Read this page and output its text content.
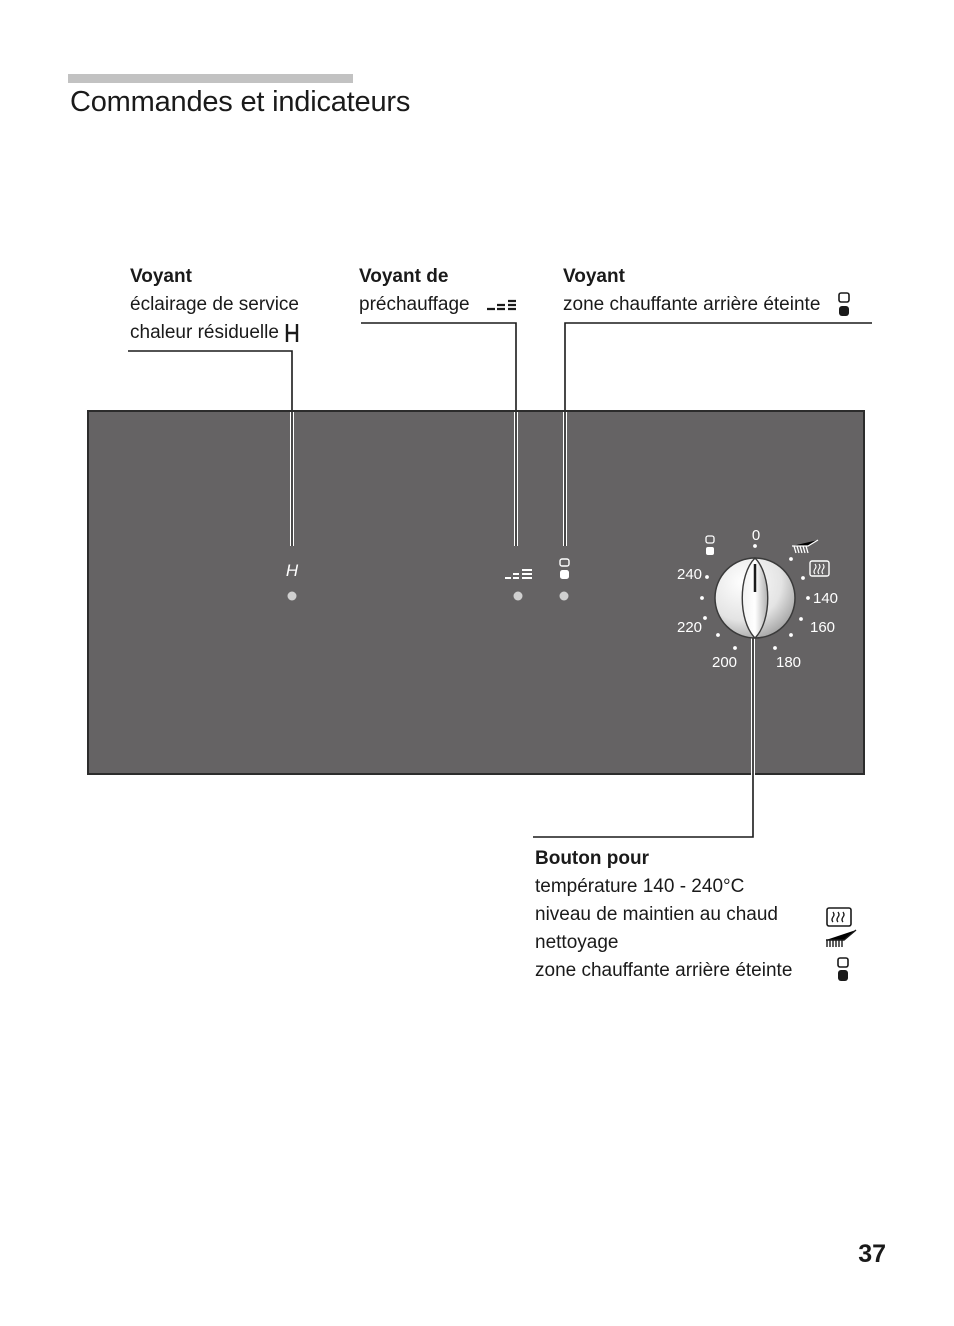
Commandes et indicateurs
Voyant
éclairage de service
chaleur résiduelle
Voyant de
préchauffage
Voyant
zone chauffante arrière éteinte
H
0
140
160
180
200
220
240
Bouton pour
température 140 - 240°C
niveau de maintien au chaud
nettoyage
zone chauffante arrière éteinte
37
